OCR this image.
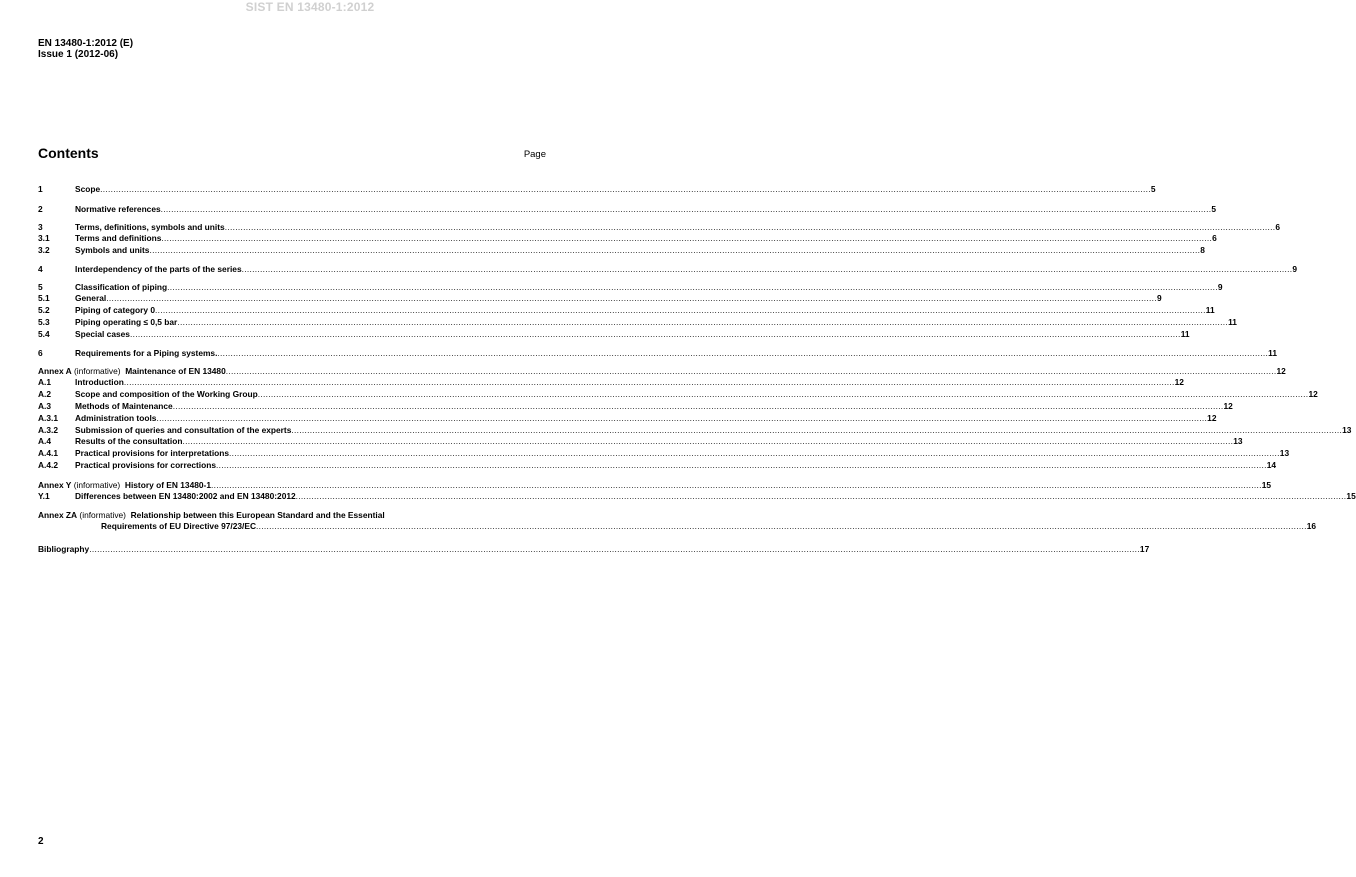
SIST EN 13480-1:2012
EN 13480-1:2012 (E)
Issue 1 (2012-06)
Contents	Page
1	Scope ................................................................................................................................................................................................................................................................................................................................................................................................................ 5
2	Normative references ................................................................................................................................................................................................................................................................................................................................................................................................................ 5
3	Terms, definitions, symbols and units ................................................................................................................................................................................................................................................................................................................................................................................................................ 6
3.1	Terms and definitions ................................................................................................................................................................................................................................................................................................................................................................................................................ 6
3.2	Symbols and units ................................................................................................................................................................................................................................................................................................................................................................................................................ 8
4	Interdependency of the parts of the series ................................................................................................................................................................................................................................................................................................................................................................................................................ 9
5	Classification of piping ................................................................................................................................................................................................................................................................................................................................................................................................................ 9
5.1	General ................................................................................................................................................................................................................................................................................................................................................................................................................ 9
5.2	Piping of category 0 ................................................................................................................................................................................................................................................................................................................................................................................................................ 11
5.3	Piping operating ≤ 0,5 bar ................................................................................................................................................................................................................................................................................................................................................................................................................ 11
5.4	Special cases ................................................................................................................................................................................................................................................................................................................................................................................................................ 11
6	Requirements for a Piping systems. ................................................................................................................................................................................................................................................................................................................................................................................................................ 11
Annex A (informative) Maintenance of EN 13480 ................................................................................................................................................................................................................................................................................................................................................................................................................ 12
A.1	Introduction ................................................................................................................................................................................................................................................................................................................................................................................................................ 12
A.2	Scope and composition of the Working Group ................................................................................................................................................................................................................................................................................................................................................................................................................ 12
A.3	Methods of Maintenance ................................................................................................................................................................................................................................................................................................................................................................................................................ 12
A.3.1 Administration tools ................................................................................................................................................................................................................................................................................................................................................................................................................ 12
A.3.2 Submission of queries and consultation of the experts ................................................................................................................................................................................................................................................................................................................................................................................................................ 13
A.4	Results of the consultation ................................................................................................................................................................................................................................................................................................................................................................................................................ 13
A.4.1 Practical provisions for interpretations ................................................................................................................................................................................................................................................................................................................................................................................................................ 13
A.4.2 Practical provisions for corrections ................................................................................................................................................................................................................................................................................................................................................................................................................ 14
Annex Y (informative) History of EN 13480-1 ................................................................................................................................................................................................................................................................................................................................................................................................................ 15
Y.1	Differences between EN 13480:2002 and EN 13480:2012 ................................................................................................................................................................................................................................................................................................................................................................................................................ 15
Annex ZA
(informative)
Relationship between this European Standard and the Essential
Requirements of EU Directive 97/23/EC ................................................................................................................................................................................................................................................................................................................................................................................................................ 16
Bibliography ................................................................................................................................................................................................................................................................................................................................................................................................................ 17
2
